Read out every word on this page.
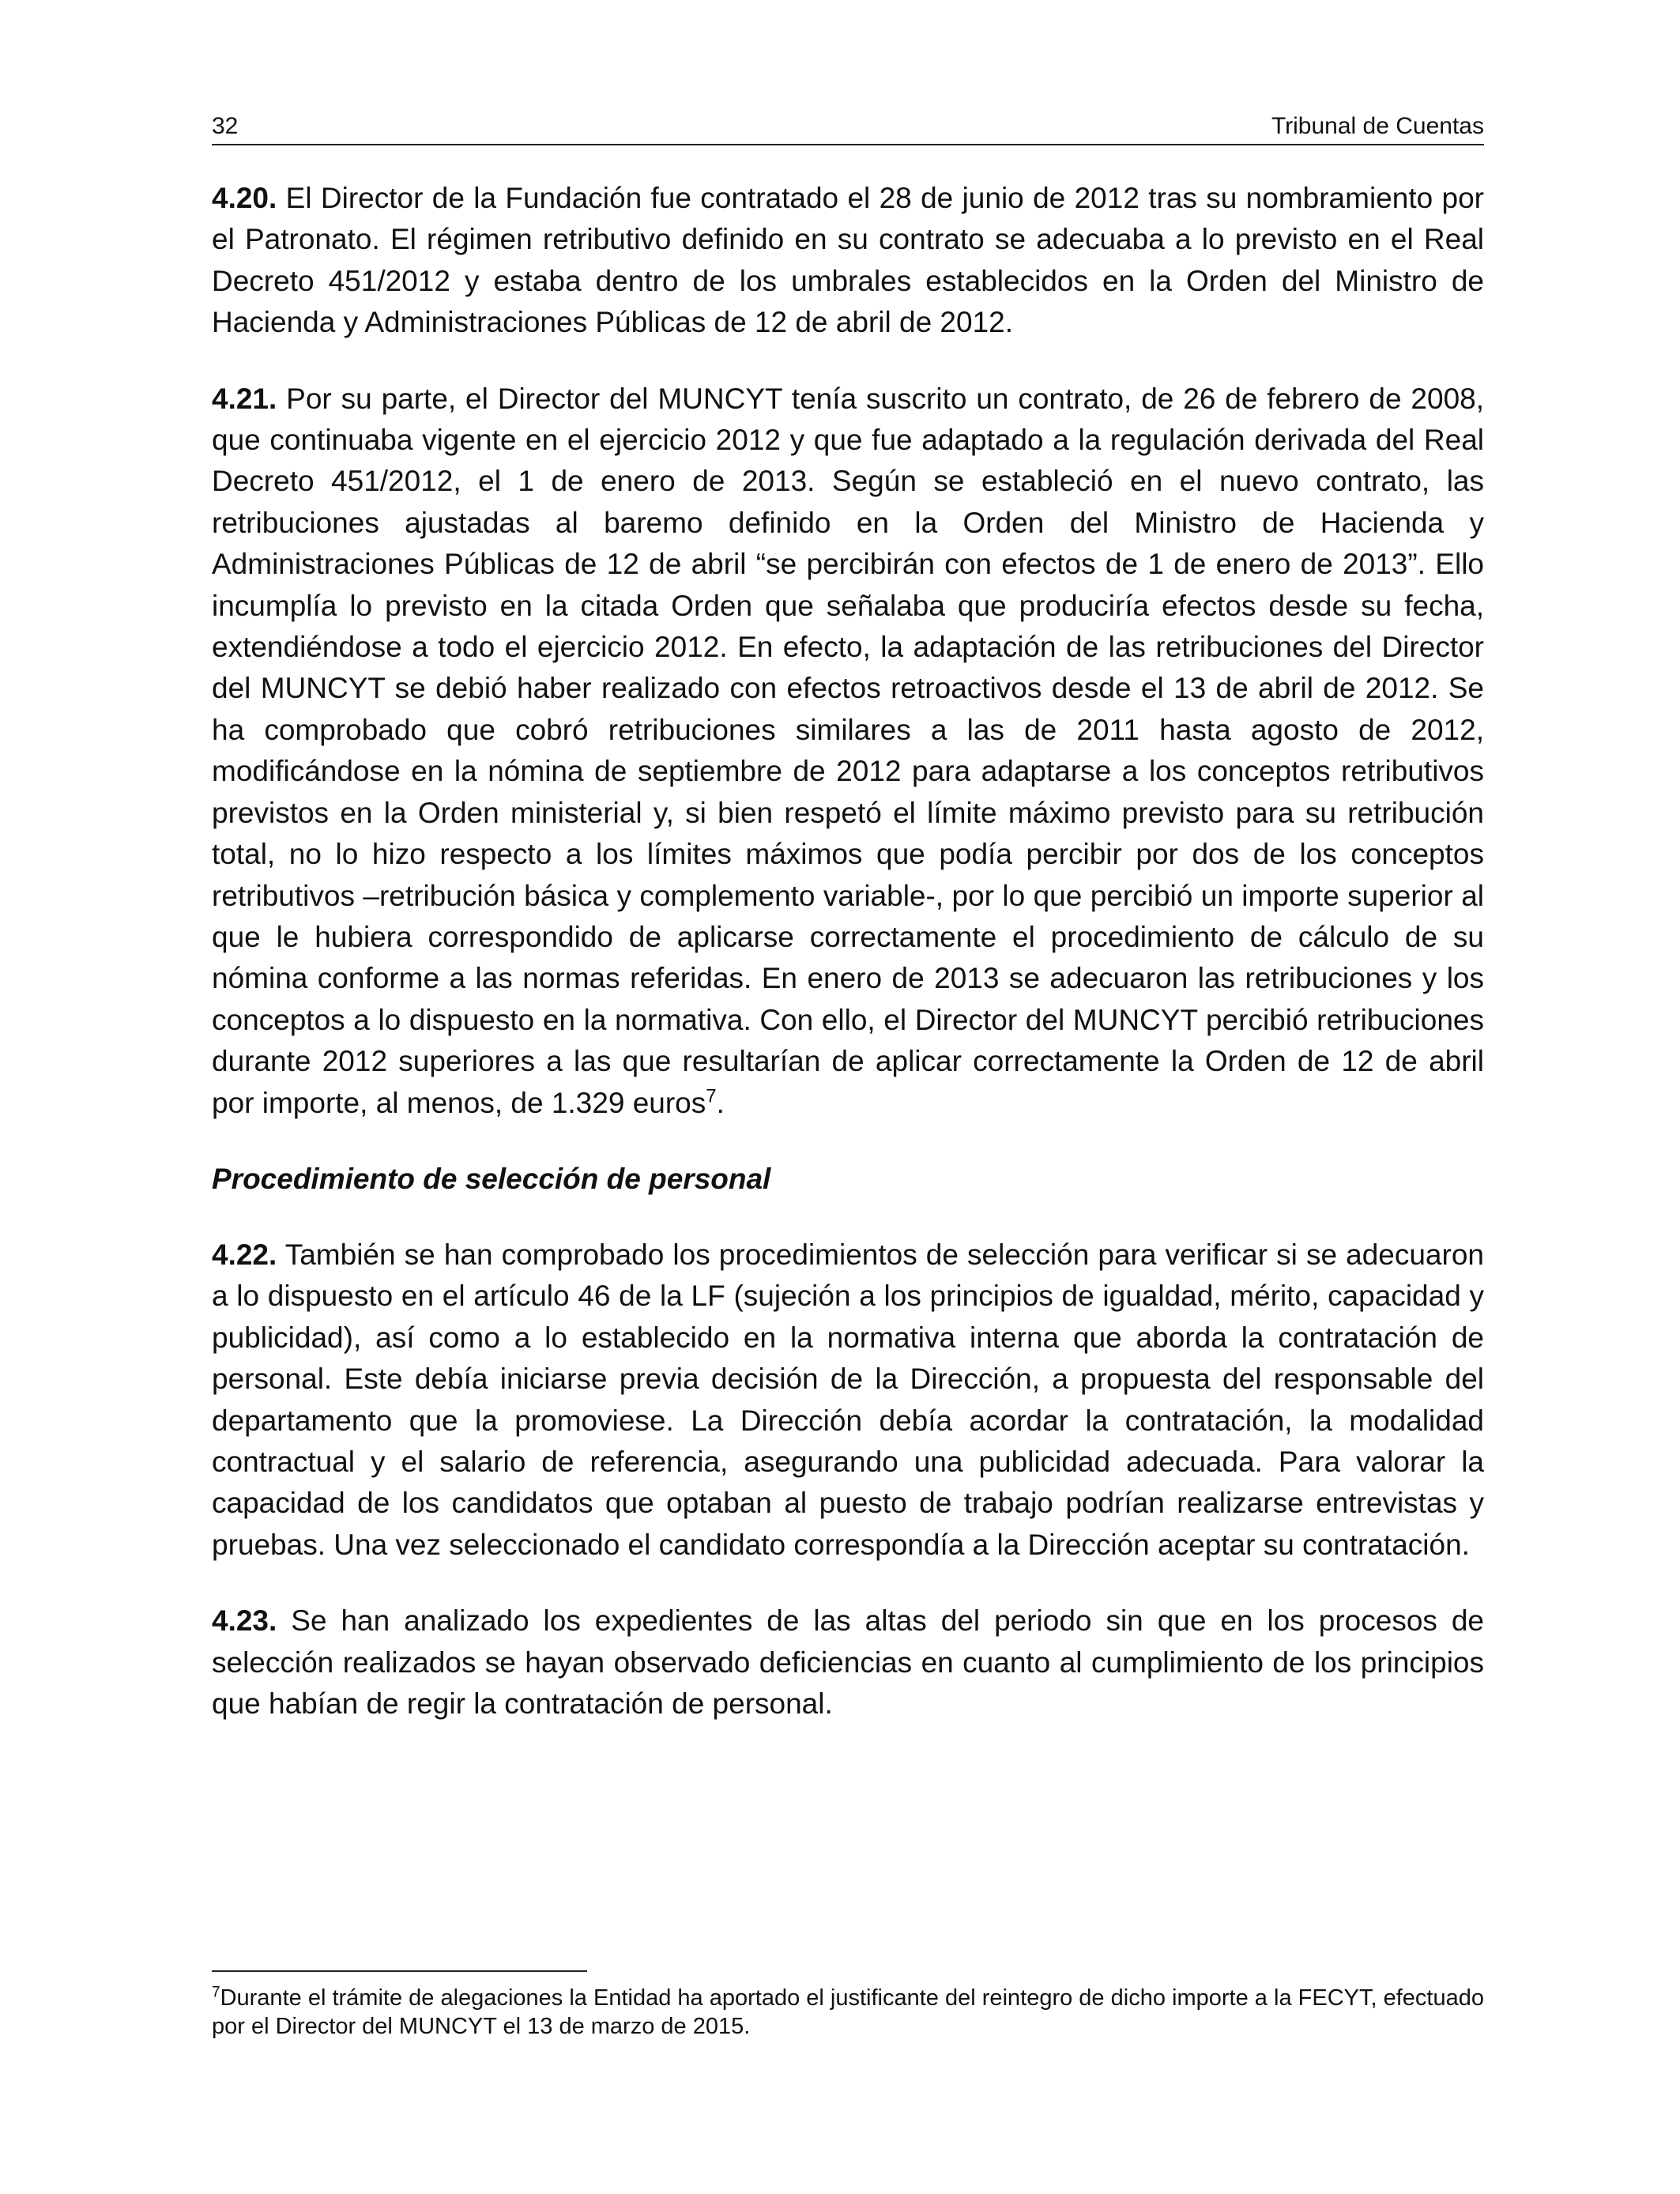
32	Tribunal de Cuentas

4.20. El Director de la Fundación fue contratado el 28 de junio de 2012 tras su nombramiento por el Patronato. El régimen retributivo definido en su contrato se adecuaba a lo previsto en el Real Decreto 451/2012 y estaba dentro de los umbrales establecidos en la Orden del Ministro de Hacienda y Administraciones Públicas de 12 de abril de 2012.

4.21. Por su parte, el Director del MUNCYT tenía suscrito un contrato, de 26 de febrero de 2008, que continuaba vigente en el ejercicio 2012 y que fue adaptado a la regulación derivada del Real Decreto 451/2012, el 1 de enero de 2013. Según se estableció en el nuevo contrato, las retribuciones ajustadas al baremo definido en la Orden del Ministro de Hacienda y Administraciones Públicas de 12 de abril “se percibirán con efectos de 1 de enero de 2013”. Ello incumplía lo previsto en la citada Orden que señalaba que produciría efectos desde su fecha, extendiéndose a todo el ejercicio 2012. En efecto, la adaptación de las retribuciones del Director del MUNCYT se debió haber realizado con efectos retroactivos desde el 13 de abril de 2012. Se ha comprobado que cobró retribuciones similares a las de 2011 hasta agosto de 2012, modificándose en la nómina de septiembre de 2012 para adaptarse a los conceptos retributivos previstos en la Orden ministerial y, si bien respetó el límite máximo previsto para su retribución total, no lo hizo respecto a los límites máximos que podía percibir por dos de los conceptos retributivos –retribución básica y complemento variable-, por lo que percibió un importe superior al que le hubiera correspondido de aplicarse correctamente el procedimiento de cálculo de su nómina conforme a las normas referidas. En enero de 2013 se adecuaron las retribuciones y los conceptos a lo dispuesto en la normativa. Con ello, el Director del MUNCYT percibió retribuciones durante 2012 superiores a las que resultarían de aplicar correctamente la Orden de 12 de abril por importe, al menos, de 1.329 euros$^7$.

Procedimiento de selección de personal

4.22. También se han comprobado los procedimientos de selección para verificar si se adecuaron a lo dispuesto en el artículo 46 de la LF (sujeción a los principios de igualdad, mérito, capacidad y publicidad), así como a lo establecido en la normativa interna que aborda la contratación de personal. Este debía iniciarse previa decisión de la Dirección, a propuesta del responsable del departamento que la promoviese. La Dirección debía acordar la contratación, la modalidad contractual y el salario de referencia, asegurando una publicidad adecuada. Para valorar la capacidad de los candidatos que optaban al puesto de trabajo podrían realizarse entrevistas y pruebas. Una vez seleccionado el candidato correspondía a la Dirección aceptar su contratación.

4.23. Se han analizado los expedientes de las altas del periodo sin que en los procesos de selección realizados se hayan observado deficiencias en cuanto al cumplimiento de los principios que habían de regir la contratación de personal.

$^7$Durante el trámite de alegaciones la Entidad ha aportado el justificante del reintegro de dicho importe a la FECYT, efectuado por el Director del MUNCYT el 13 de marzo de 2015.
